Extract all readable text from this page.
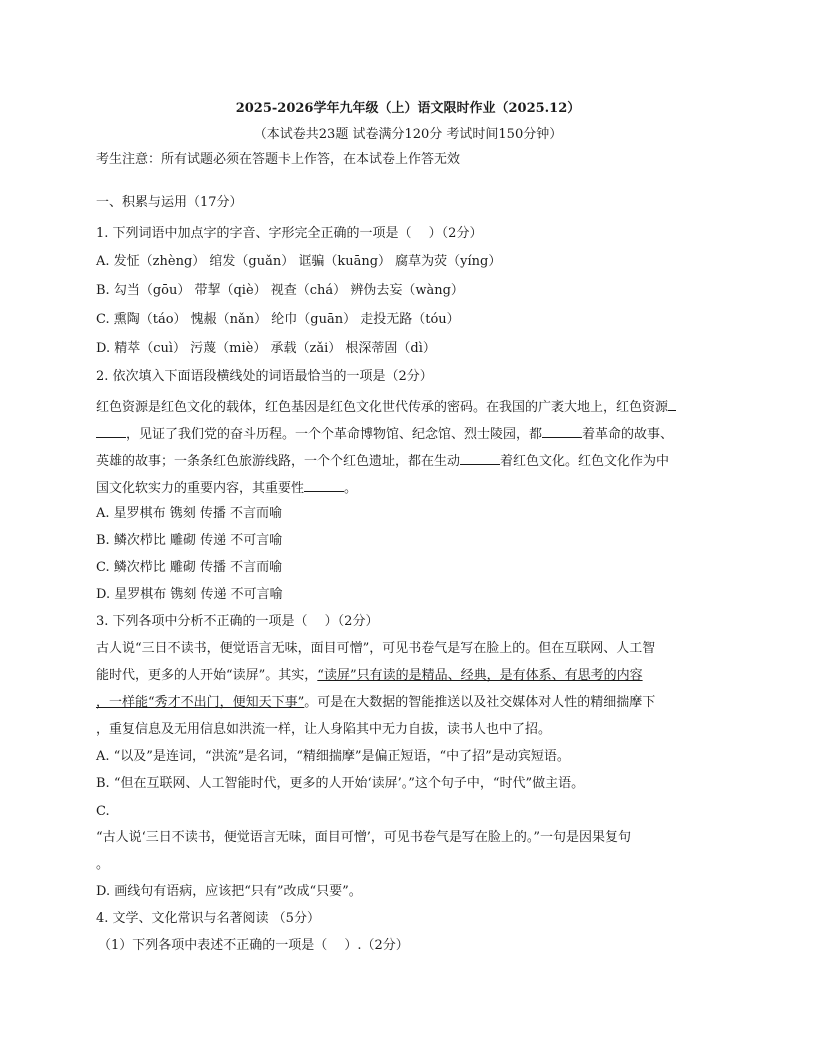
2025-2026学年九年级（上）语文限时作业（2025.12）
（本试卷共23题 试卷满分120分 考试时间150分钟）
考生注意：所有试题必须在答题卡上作答，在本试卷上作答无效
一、积累与运用（17分）
1. 下列词语中加点字的字音、字形完全正确的一项是（　 ）（2分）
A. 发怔（zhèng） 绾发（guǎn） 诓骗（kuāng） 腐草为荧（yíng）
B. 勾当（gōu） 带挈（qiè） 视查（chá） 辨伪去妄（wàng）
C. 熏陶（táo） 愧赧（nǎn） 纶巾（guān） 走投无路（tóu）
D. 精萃（cuì） 污蔑（miè） 承载（zǎi） 根深蒂固（dì）
2. 依次填入下面语段横线处的词语最恰当的一项是（2分）
红色资源是红色文化的载体，红色基因是红色文化世代传承的密码。在我国的广袤大地上，红色资源
，见证了我们党的奋斗历程。一个个革命博物馆、纪念馆、烈士陵园，都	着革命的故事、
英雄的故事；一条条红色旅游线路，一个个红色遗址，都在生动	着红色文化。红色文化作为中
国文化软实力的重要内容，其重要性	。
A. 星罗棋布 镌刻 传播 不言而喻
B. 鳞次栉比 雕砌 传递 不可言喻
C. 鳞次栉比 雕砌 传播 不言而喻
D. 星罗棋布 镌刻 传递 不可言喻
3. 下列各项中分析不正确的一项是（　 ）（2分）
古人说“三日不读书，便觉语言无味，面目可憎”，可见书卷气是写在脸上的。但在互联网、人工智
能时代，更多的人开始“读屏”。其实，“读屏”只有读的是精品、经典，是有体系、有思考的内容
，一样能“秀才不出门，便知天下事”。可是在大数据的智能推送以及社交媒体对人性的精细揣摩下
，重复信息及无用信息如洪流一样，让人身陷其中无力自拔，读书人也中了招。
A. “以及”是连词，“洪流”是名词，“精细揣摩”是偏正短语，“中了招”是动宾短语。
B. “但在互联网、人工智能时代，更多的人开始‘读屏’。”这个句子中，“时代”做主语。
C.
“古人说‘三日不读书，便觉语言无味，面目可憎’，可见书卷气是写在脸上的。”一句是因果复句
。
D. 画线句有语病，应该把“只有”改成“只要”。
4. 文学、文化常识与名著阅读 （5分）
（1）下列各项中表述不正确的一项是（　 ）.（2分）
